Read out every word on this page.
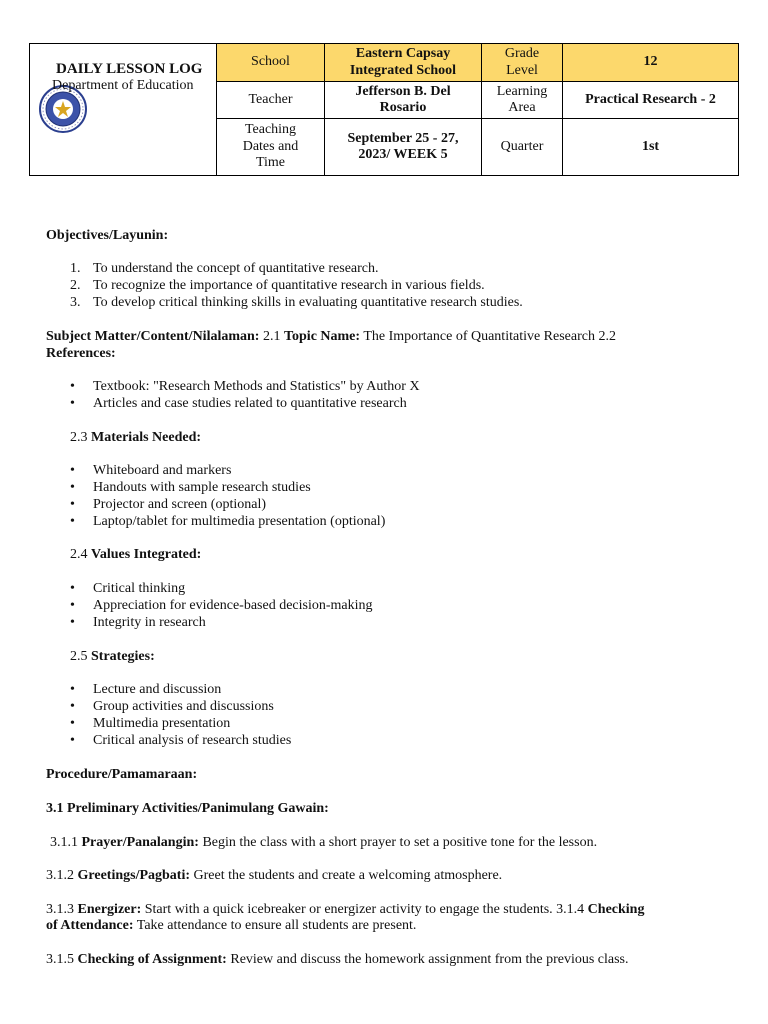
DAILY LESSON LOG
Department of Education
School
Eastern Capsay Integrated School
Grade Level
12
Teacher
Jefferson B. Del Rosario
Learning Area
Practical Research - 2
Teaching Dates and Time
September 25 - 27, 2023/ WEEK 5
Quarter	1st
Objectives/Layunin:
1. To understand the concept of quantitative research.
2. To recognize the importance of quantitative research in various fields.
3. To develop critical thinking skills in evaluating quantitative research studies.
Subject Matter/Content/Nilalaman: 2.1 Topic Name: The Importance of Quantitative Research 2.2
References:
• Textbook: "Research Methods and Statistics" by Author X
• Articles and case studies related to quantitative research
2.3 Materials Needed:
• Whiteboard and markers
• Handouts with sample research studies
• Projector and screen (optional)
• Laptop/tablet for multimedia presentation (optional)
2.4 Values Integrated:
• Critical thinking
• Appreciation for evidence-based decision-making
• Integrity in research
2.5 Strategies:
• Lecture and discussion
• Group activities and discussions
• Multimedia presentation
• Critical analysis of research studies
Procedure/Pamamaraan:
3.1 Preliminary Activities/Panimulang Gawain:
3.1.1 Prayer/Panalangin: Begin the class with a short prayer to set a positive tone for the lesson.
3.1.2 Greetings/Pagbati: Greet the students and create a welcoming atmosphere.
3.1.3 Energizer: Start with a quick icebreaker or energizer activity to engage the students. 3.1.4 Checking
of Attendance: Take attendance to ensure all students are present.
3.1.5 Checking of Assignment: Review and discuss the homework assignment from the previous class.
